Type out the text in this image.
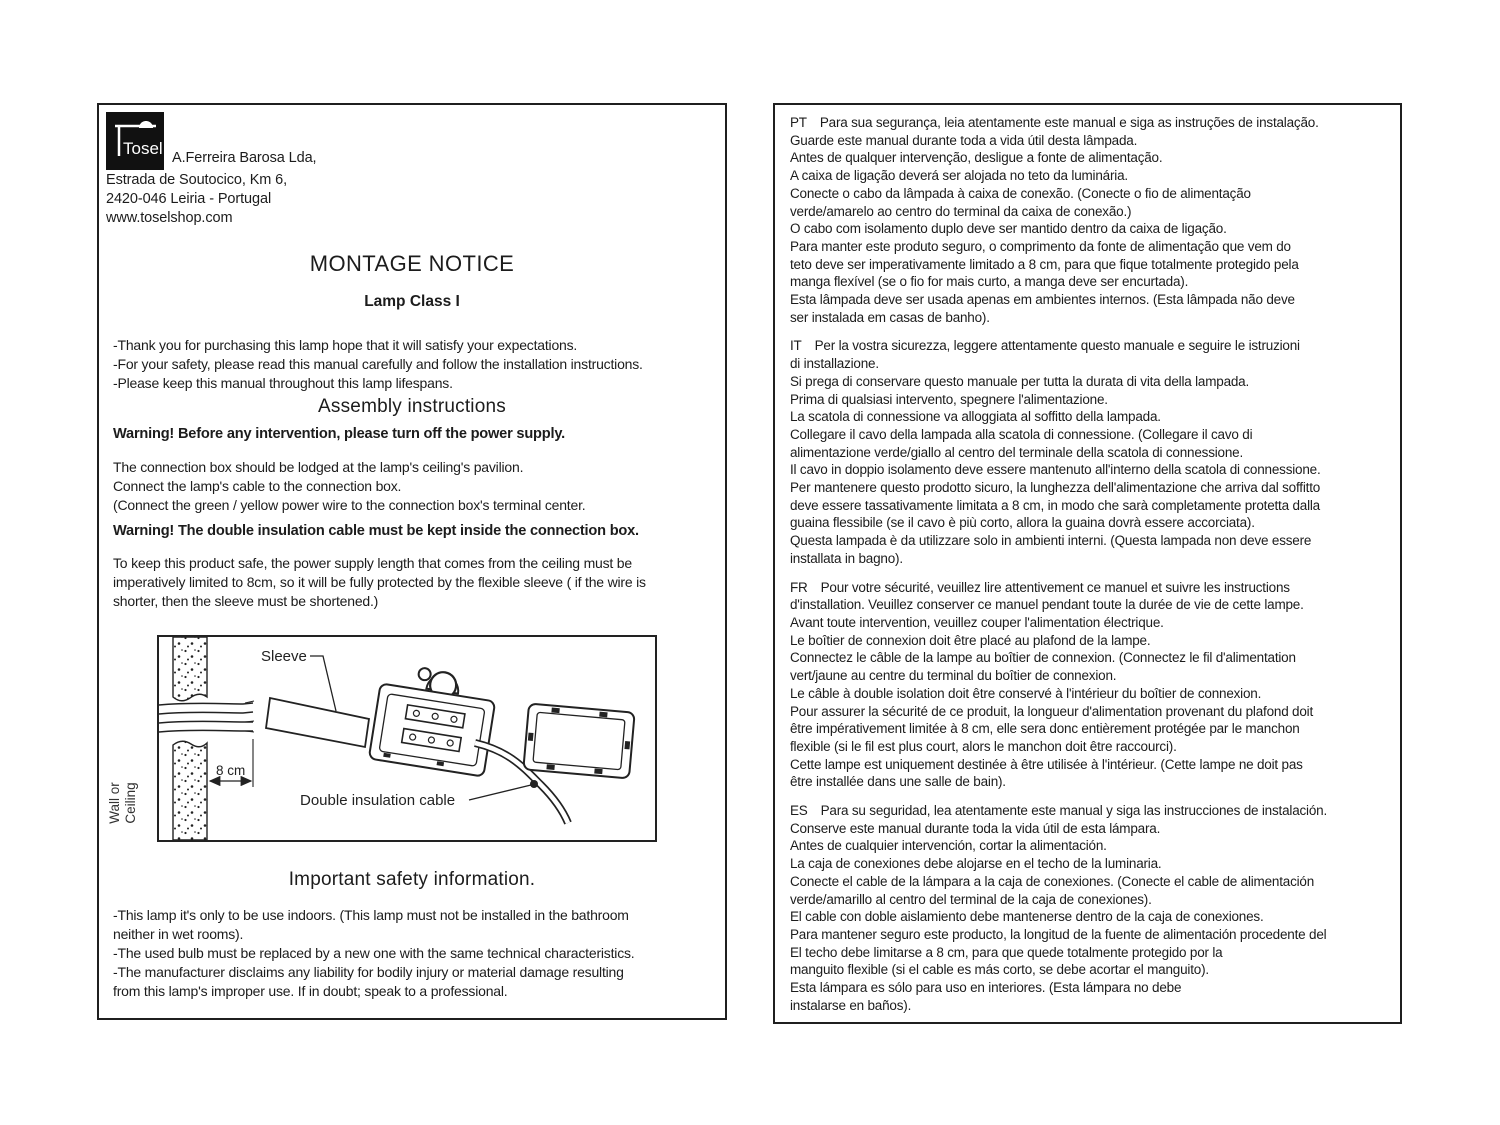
Tosel A.Ferreira Barosa Lda,
Estrada de Soutocico, Km 6,
2420-046 Leiria - Portugal
www.toselshop.com
MONTAGE NOTICE
Lamp Class I
-Thank you for purchasing this lamp hope that it will satisfy your expectations.
-For your safety, please read this manual carefully and follow the installation instructions.
-Please keep this manual throughout this lamp lifespans.
Assembly instructions
Warning! Before any intervention, please turn off the power supply.
The connection box should be lodged at the lamp's ceiling's pavilion.
Connect the lamp's cable to the connection box.
(Connect the green / yellow power wire to the connection box's terminal center.
Warning! The double insulation cable must be kept inside the connection box.
To keep this product safe, the power supply length that comes from the ceiling must be
imperatively limited to 8cm, so it will be fully protected by the flexible sleeve ( if the wire is
shorter, then the sleeve must be shortened.)
Wall or Ceiling
8 cm
Sleeve
Double insulation cable
Important safety information.
-This lamp it's only to be use indoors. (This lamp must not be installed in the bathroom
neither in wet rooms).
-The used bulb must be replaced by a new one with the same technical characteristics.
-The manufacturer disclaims any liability for bodily injury or material damage resulting
from this lamp's improper use. If in doubt; speak to a professional.
PT Para sua segurança, leia atentamente este manual e siga as instruções de instalação.
Guarde este manual durante toda a vida útil desta lâmpada.
Antes de qualquer intervenção, desligue a fonte de alimentação.
A caixa de ligação deverá ser alojada no teto da luminária.
Conecte o cabo da lâmpada à caixa de conexão. (Conecte o fio de alimentação
verde/amarelo ao centro do terminal da caixa de conexão.)
O cabo com isolamento duplo deve ser mantido dentro da caixa de ligação.
Para manter este produto seguro, o comprimento da fonte de alimentação que vem do
teto deve ser imperativamente limitado a 8 cm, para que fique totalmente protegido pela
manga flexível (se o fio for mais curto, a manga deve ser encurtada).
Esta lâmpada deve ser usada apenas em ambientes internos. (Esta lâmpada não deve
ser instalada em casas de banho).
IT Per la vostra sicurezza, leggere attentamente questo manuale e seguire le istruzioni
di installazione.
Si prega di conservare questo manuale per tutta la durata di vita della lampada.
Prima di qualsiasi intervento, spegnere l'alimentazione.
La scatola di connessione va alloggiata al soffitto della lampada.
Collegare il cavo della lampada alla scatola di connessione. (Collegare il cavo di
alimentazione verde/giallo al centro del terminale della scatola di connessione.
Il cavo in doppio isolamento deve essere mantenuto all'interno della scatola di connessione.
Per mantenere questo prodotto sicuro, la lunghezza dell'alimentazione che arriva dal soffitto
deve essere tassativamente limitata a 8 cm, in modo che sarà completamente protetta dalla
guaina flessibile (se il cavo è più corto, allora la guaina dovrà essere accorciata).
Questa lampada è da utilizzare solo in ambienti interni. (Questa lampada non deve essere
installata in bagno).
FR Pour votre sécurité, veuillez lire attentivement ce manuel et suivre les instructions
d'installation. Veuillez conserver ce manuel pendant toute la durée de vie de cette lampe.
Avant toute intervention, veuillez couper l'alimentation électrique.
Le boîtier de connexion doit être placé au plafond de la lampe.
Connectez le câble de la lampe au boîtier de connexion. (Connectez le fil d'alimentation
vert/jaune au centre du terminal du boîtier de connexion.
Le câble à double isolation doit être conservé à l'intérieur du boîtier de connexion.
Pour assurer la sécurité de ce produit, la longueur d'alimentation provenant du plafond doit
être impérativement limitée à 8 cm, elle sera donc entièrement protégée par le manchon
flexible (si le fil est plus court, alors le manchon doit être raccourci).
Cette lampe est uniquement destinée à être utilisée à l'intérieur. (Cette lampe ne doit pas
être installée dans une salle de bain).
ES Para su seguridad, lea atentamente este manual y siga las instrucciones de instalación.
Conserve este manual durante toda la vida útil de esta lámpara.
Antes de cualquier intervención, cortar la alimentación.
La caja de conexiones debe alojarse en el techo de la luminaria.
Conecte el cable de la lámpara a la caja de conexiones. (Conecte el cable de alimentación
verde/amarillo al centro del terminal de la caja de conexiones).
El cable con doble aislamiento debe mantenerse dentro de la caja de conexiones.
Para mantener seguro este producto, la longitud de la fuente de alimentación procedente del
El techo debe limitarse a 8 cm, para que quede totalmente protegido por la
manguito flexible (si el cable es más corto, se debe acortar el manguito).
Esta lámpara es sólo para uso en interiores. (Esta lámpara no debe
instalarse en baños).
